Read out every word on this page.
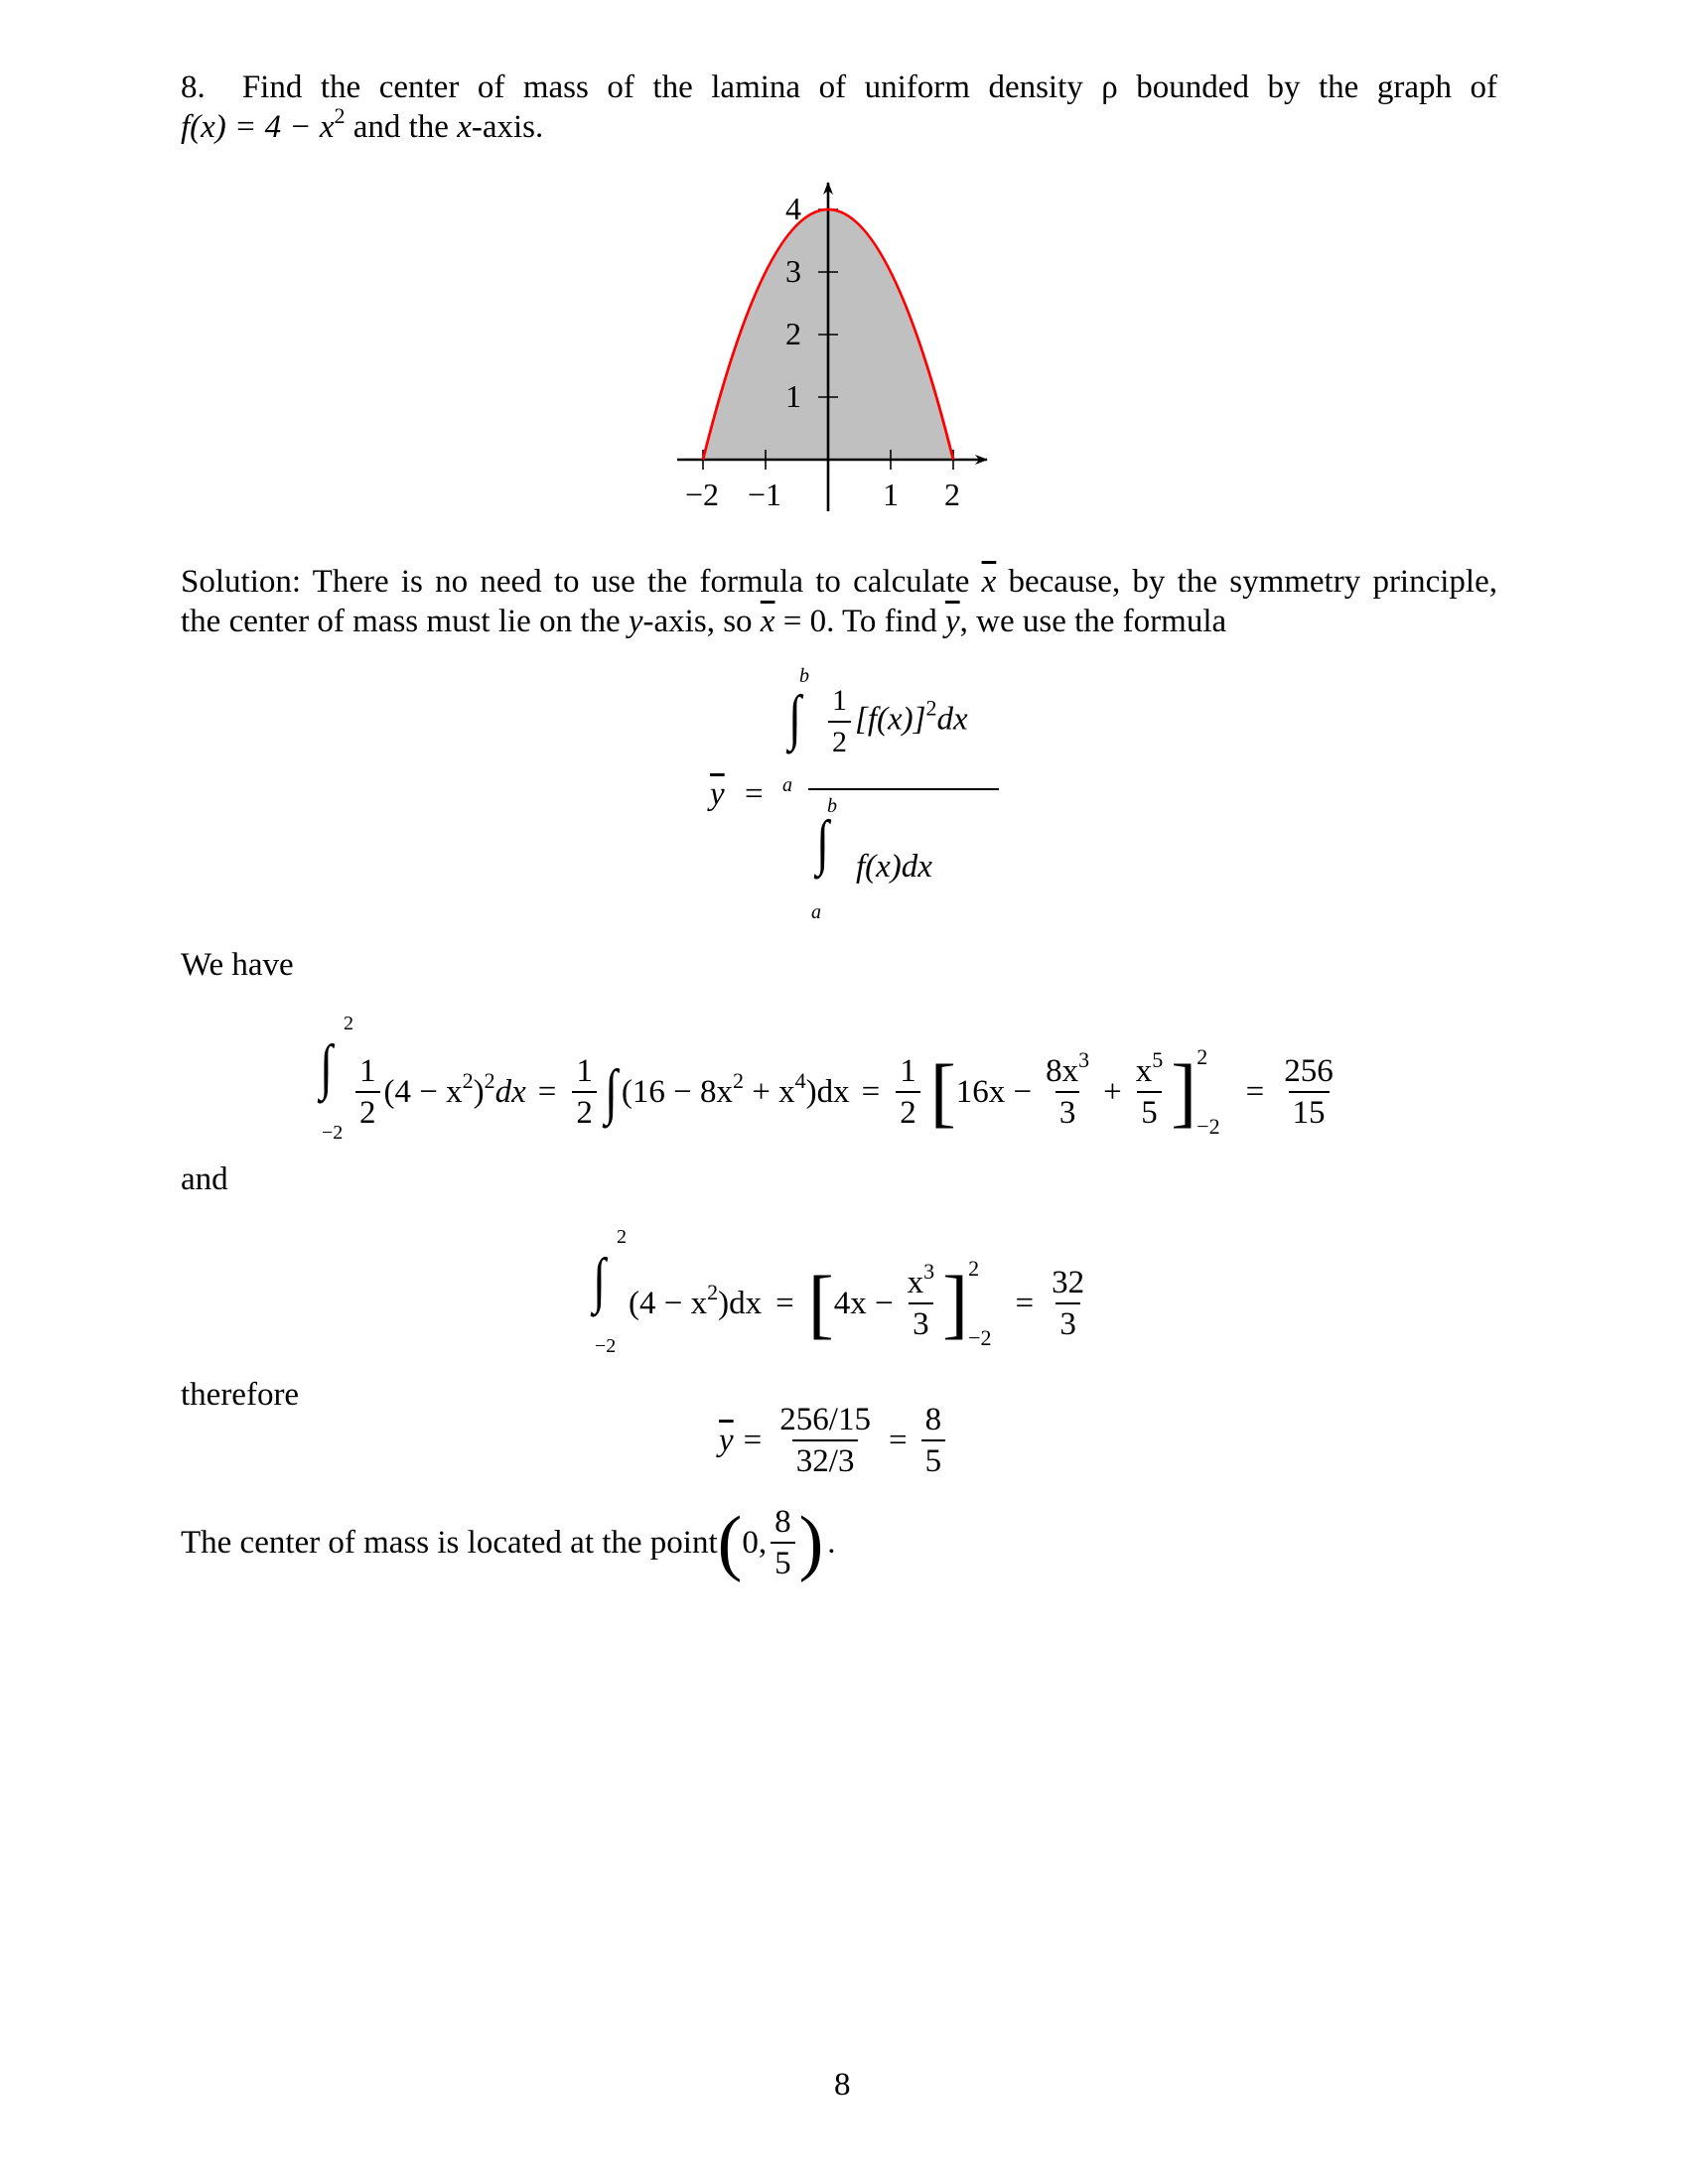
8. Find the center of mass of the lamina of uniform density ρ bounded by the graph of
$f(x) = 4 - x^2$ and the x-axis.
4
3
2
1
−2 −1	1 2
Solution: There is no need to use the formula to calculate $\overline{x}$ because, by the symmetry principle,
the center of mass must lie on the y-axis, so $\overline{x} = 0$. To find $\overline{y}$, we use the formula
$\overline{y}$ =
b
∫
a
$\frac{1}{2} [f(x)]^2dx$
b
∫
a
f(x)dx
We have
2
∫
−2
$\frac{1}{2} (4 - x^2)^2dx = \frac{1}{2}$ ∫ $(16 - 8x^2 + x^4)dx = \frac{1}{2}$ [ $16x - \frac{8x^3}{3} + \frac{x^5}{5}$ ] 2
−2
= $\frac{256}{15}$
and
2
∫
−2
$(4 - x^2)dx$ = [ $4x - \frac{x^3}{3}$ ] 2
−2
= $\frac{32}{3}$
therefore
$\overline{y} = \frac{256/15}{32/3} = \frac{8}{5}$
The center of mass is located at the point ( 0, $\frac{8}{5}$ ) .
8
